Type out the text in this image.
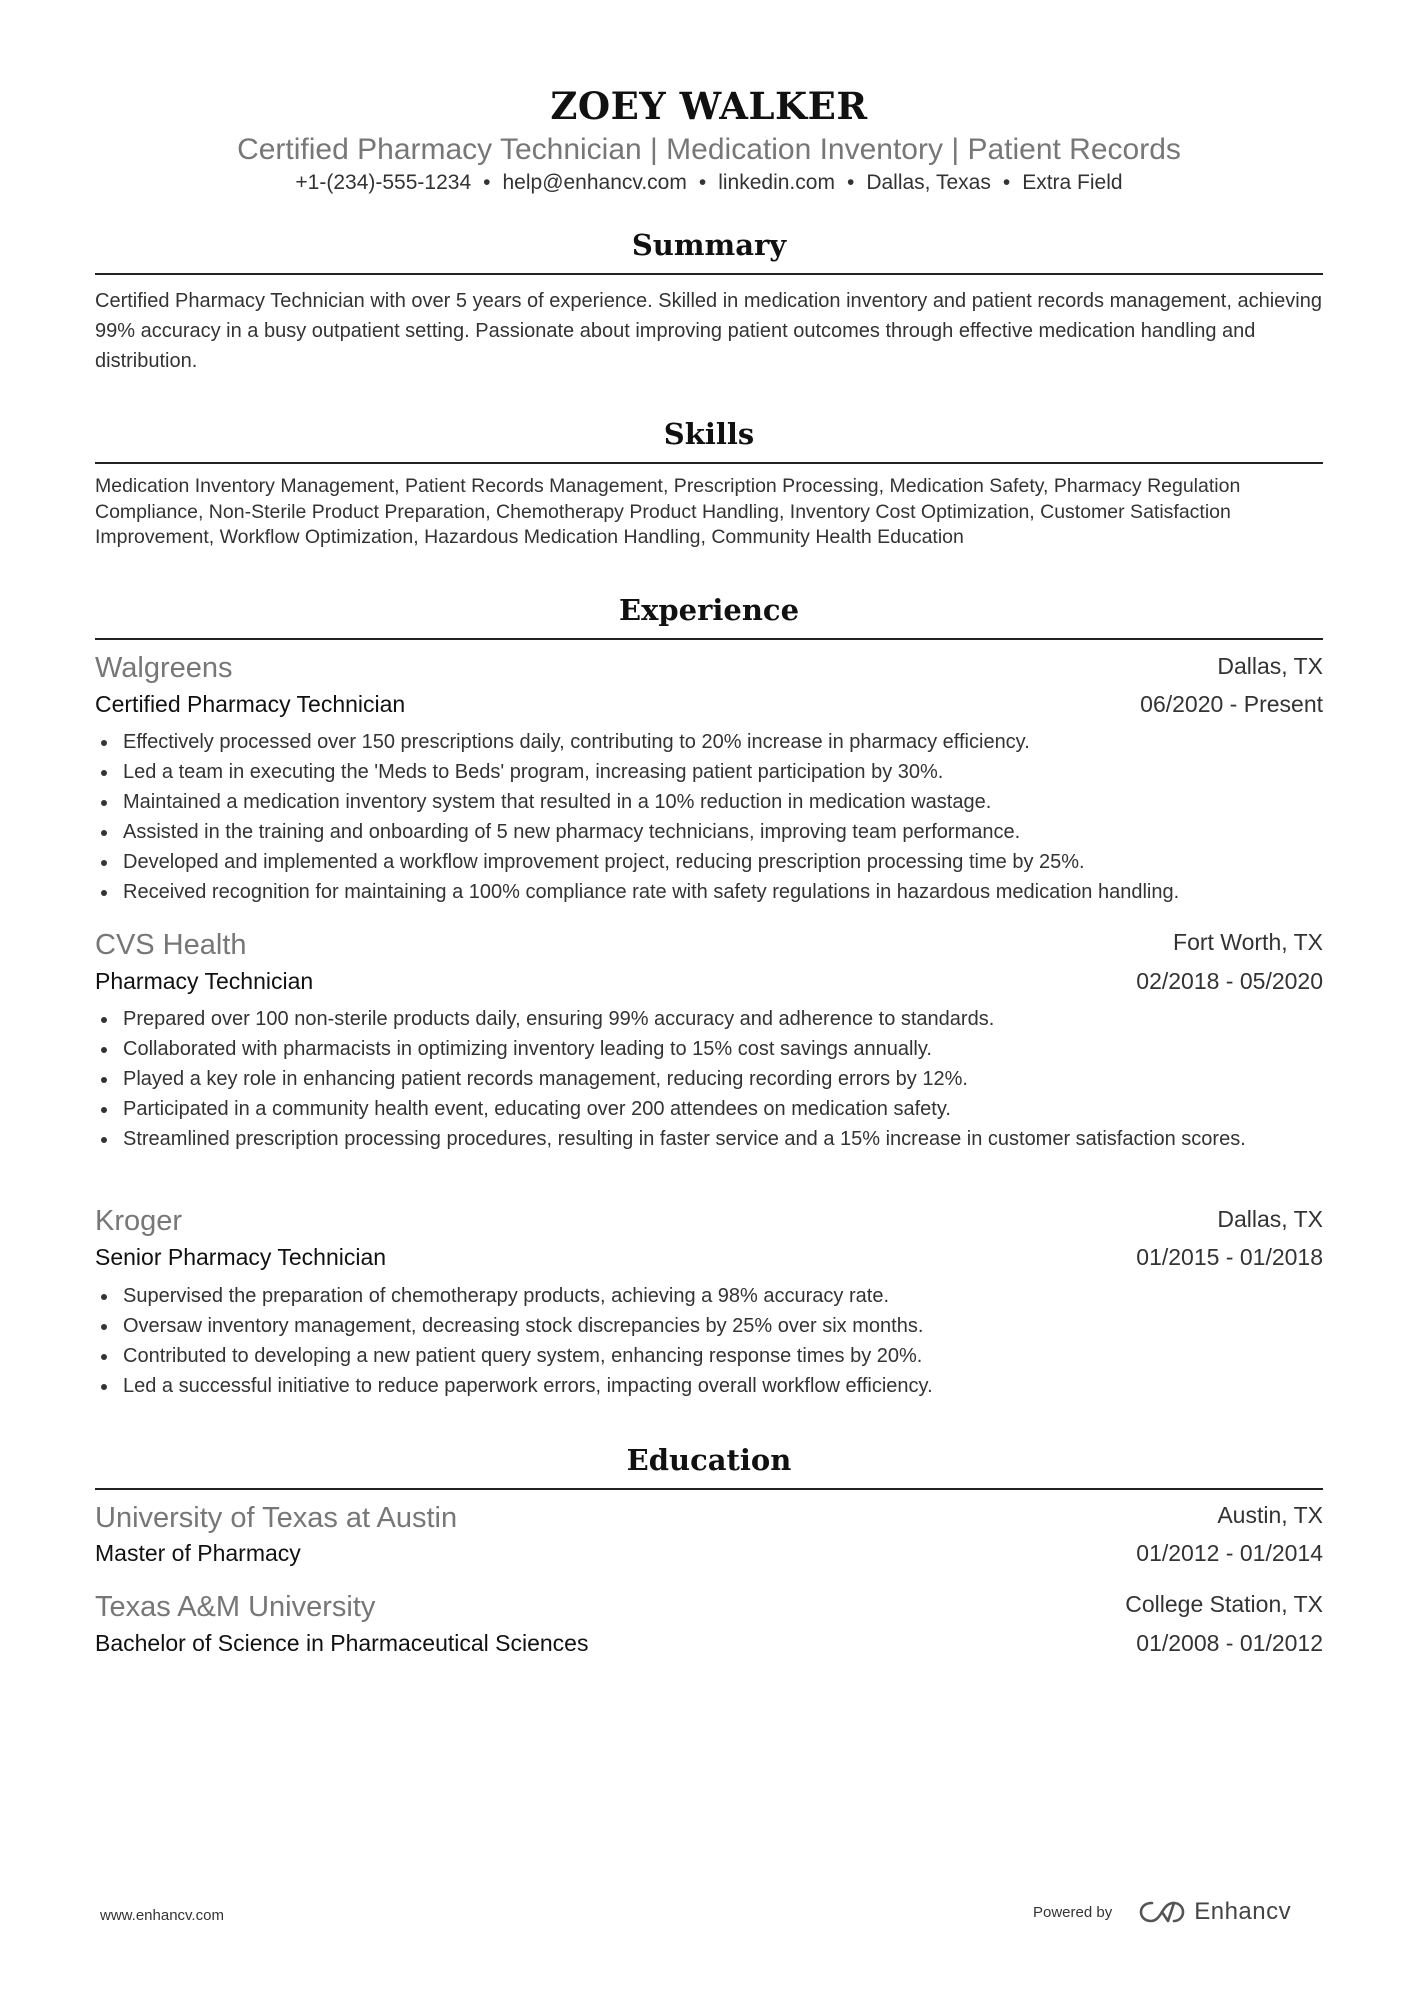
ZOEY WALKER
Certified Pharmacy Technician | Medication Inventory | Patient Records
+1-(234)-555-1234 • help@enhancv.com • linkedin.com • Dallas, Texas • Extra Field
Summary
Certified Pharmacy Technician with over 5 years of experience. Skilled in medication inventory and patient records management, achieving 99% accuracy in a busy outpatient setting. Passionate about improving patient outcomes through effective medication handling and distribution.
Skills
Medication Inventory Management, Patient Records Management, Prescription Processing, Medication Safety, Pharmacy Regulation Compliance, Non-Sterile Product Preparation, Chemotherapy Product Handling, Inventory Cost Optimization, Customer Satisfaction Improvement, Workflow Optimization, Hazardous Medication Handling, Community Health Education
Experience
Walgreens	Dallas, TX
Certified Pharmacy Technician	06/2020 - Present
Effectively processed over 150 prescriptions daily, contributing to 20% increase in pharmacy efficiency.
Led a team in executing the 'Meds to Beds' program, increasing patient participation by 30%.
Maintained a medication inventory system that resulted in a 10% reduction in medication wastage.
Assisted in the training and onboarding of 5 new pharmacy technicians, improving team performance.
Developed and implemented a workflow improvement project, reducing prescription processing time by 25%.
Received recognition for maintaining a 100% compliance rate with safety regulations in hazardous medication handling.
CVS Health	Fort Worth, TX
Pharmacy Technician	02/2018 - 05/2020
Prepared over 100 non-sterile products daily, ensuring 99% accuracy and adherence to standards.
Collaborated with pharmacists in optimizing inventory leading to 15% cost savings annually.
Played a key role in enhancing patient records management, reducing recording errors by 12%.
Participated in a community health event, educating over 200 attendees on medication safety.
Streamlined prescription processing procedures, resulting in faster service and a 15% increase in customer satisfaction scores.
Kroger	Dallas, TX
Senior Pharmacy Technician	01/2015 - 01/2018
Supervised the preparation of chemotherapy products, achieving a 98% accuracy rate.
Oversaw inventory management, decreasing stock discrepancies by 25% over six months.
Contributed to developing a new patient query system, enhancing response times by 20%.
Led a successful initiative to reduce paperwork errors, impacting overall workflow efficiency.
Education
University of Texas at Austin	Austin, TX
Master of Pharmacy	01/2012 - 01/2014
Texas A&M University	College Station, TX
Bachelor of Science in Pharmaceutical Sciences	01/2008 - 01/2012
www.enhancv.com	Powered by	Enhancv
